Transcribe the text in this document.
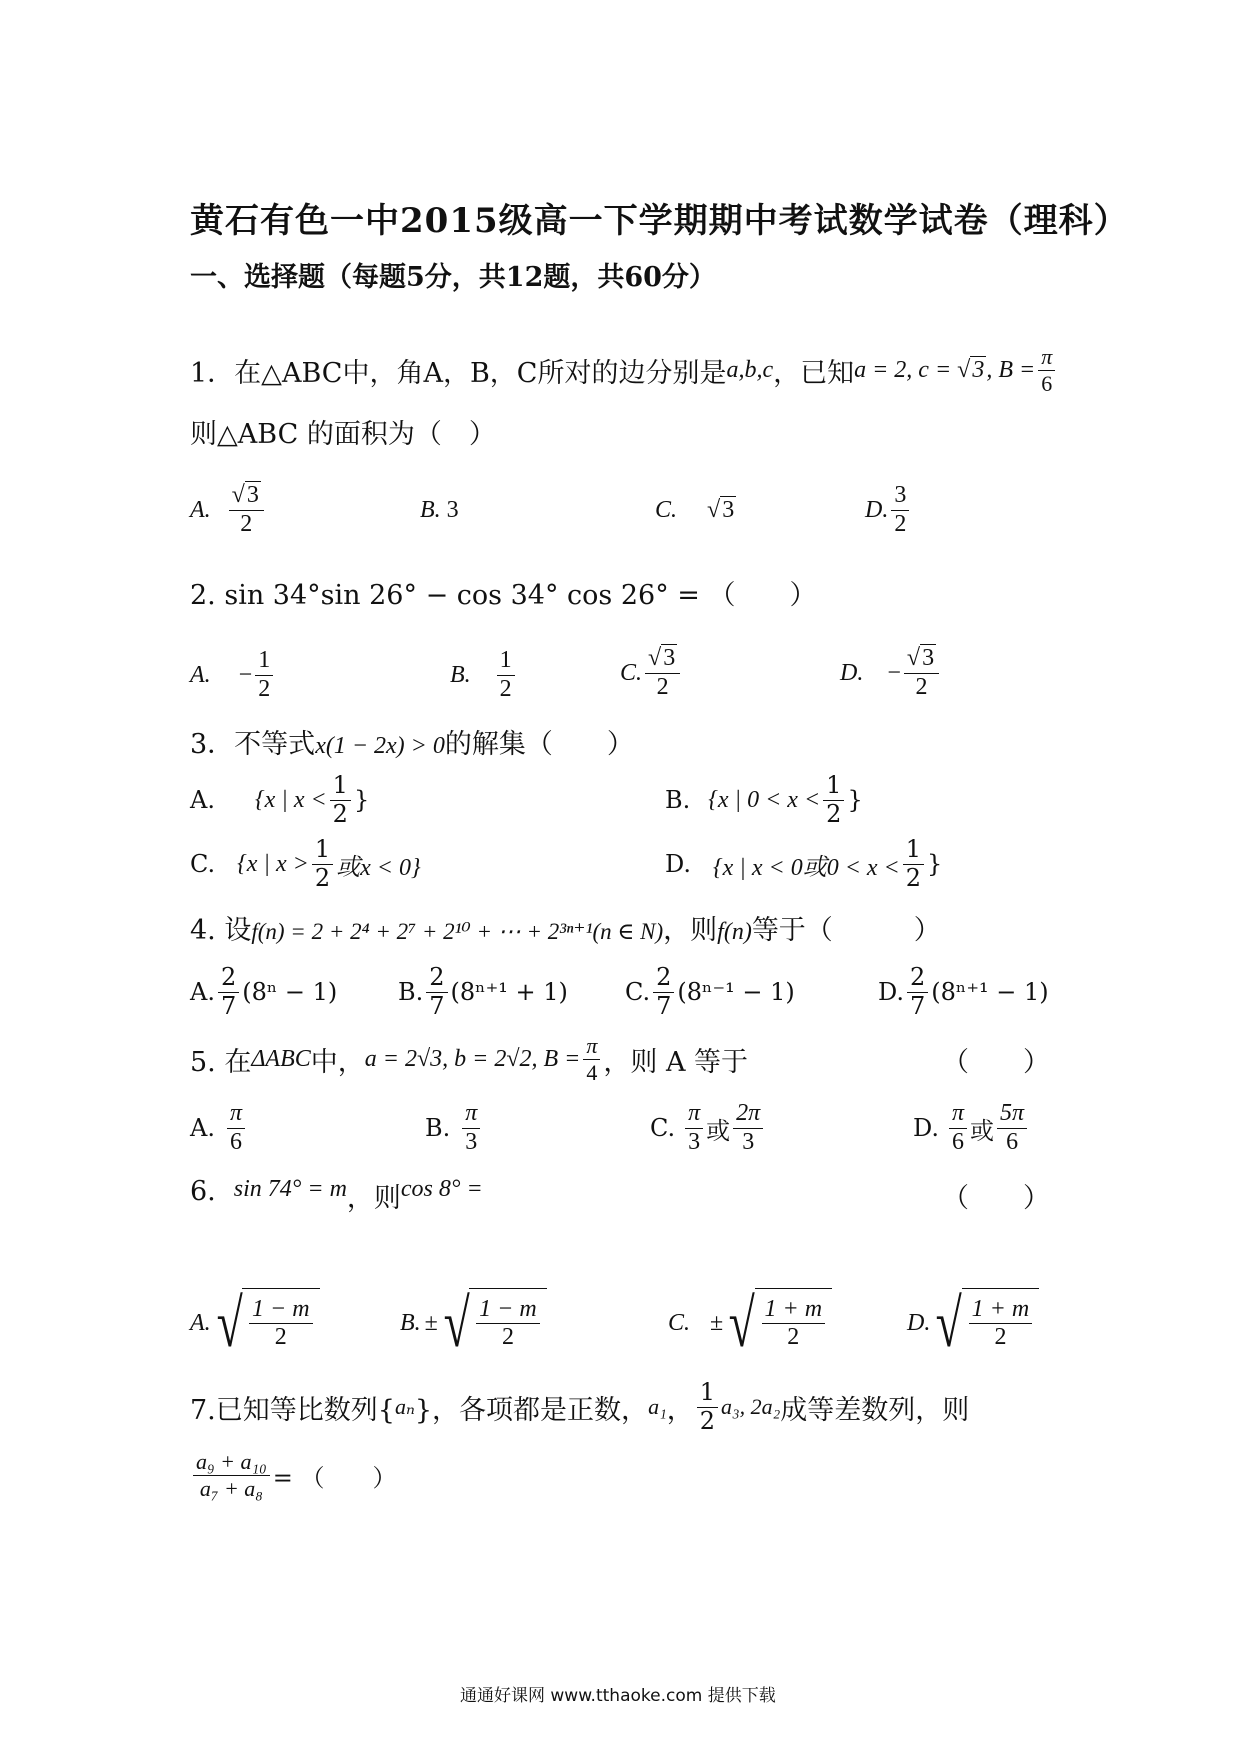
黄石有色一中2015级高一下学期期中考试数学试卷（理科）
一、选择题（每题5分，共12题，共60分）
1．在△ABC中，角A，B，C所对的边分别是 a,b,c ，已知 a = 2, c = √3, $B = \frac{\pi}{6}$
则△ABC 的面积为（　）
A. $\frac{√3}{2}$	B. 3	C. √3	D. $\frac{3}{2}$
2. sin 34°sin 26° − cos 34° cos 26° = （　　）
A. − $\frac{1}{2}$	B. $\frac{1}{2}$	C. $\frac{√3}{2}$	D. − $\frac{√3}{2}$
3．不等式x(1 − 2x) > 0的解集（　　）
A. {x | $x < \frac{1}{2}$ }	B. {x | $0 < x < \frac{1}{2}$ }
C. {x | $x > \frac{1}{2}$ 或x < 0}	D. {x | x < 0或$0 < x < \frac{1}{2}$ }
4. 设f(n) = 2 + 2⁴ + 2⁷ + 2¹⁰ + ⋯ + 2³ⁿ⁺¹(n ∈ N)，则f(n)等于（　　　）
A. $\frac{2}{7} (8^n - 1)$	B. $\frac{2}{7} (8^{n+1} + 1)$ C. $\frac{2}{7} (8^{n-1} - 1)$	D. $\frac{2}{7} (8^{n+1} - 1)$
5. 在 ΔABC 中， a = 2√3, b = 2√2, $B = \frac{\pi}{4}$ ，则 A 等于	（　　）
A. $\frac{\pi}{6}$	B. $\frac{\pi}{3}$	C. $\frac{\pi}{3}$ 或 $\frac{2\pi}{3}$	D. $\frac{\pi}{6}$ 或 $\frac{5\pi}{6}$
6. sin 74° = m ，则 cos 8° =	（　　）
A. √ $\frac{1 - m}{2}$	B. ± √ $\frac{1 - m}{2}$	C. ± √ $\frac{1 + m}{2}$	D. √ $\frac{1 + m}{2}$
7.已知等比数列{ aₙ }，各项都是正数， a₁ ， $\frac{1}{2} a_3$, 2a₂ 成等差数列，则
$\frac{\text{a₉ + a₁₀}}{\text{a₇ + a₈}}$ = （　　）
通通好课网 www.tthaoke.com 提供下载
